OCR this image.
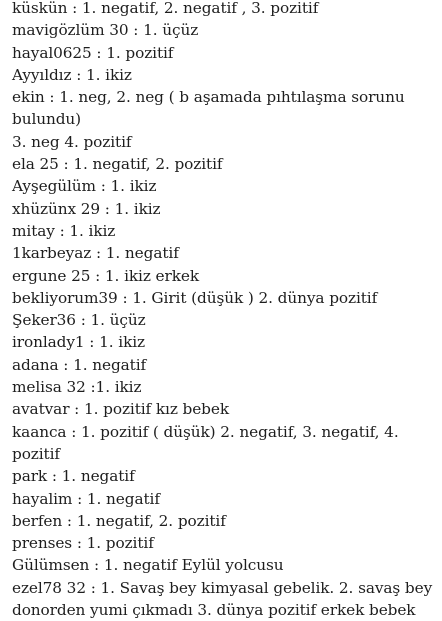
küskün : 1. negatif, 2. negatif , 3. pozitif
mavigözlüm 30 : 1. üçüz
hayal0625 : 1. pozitif
Ayyıldız : 1. ikiz
ekin : 1. neg, 2. neg ( b aşamada pıhtılaşma sorunu
bulundu)
3. neg 4. pozitif
ela 25 : 1. negatif, 2. pozitif
Ayşegülüm : 1. ikiz
xhüzünx 29 : 1. ikiz
mitay : 1. ikiz
1karbeyaz : 1. negatif
ergune 25 : 1. ikiz erkek
bekliyorum39 : 1. Girit (düşük ) 2. dünya pozitif
Şeker36 : 1. üçüz
ironlady1 : 1. ikiz
adana : 1. negatif
melisa 32 :1. ikiz
avatvar : 1. pozitif kız bebek
kaanca : 1. pozitif ( düşük) 2. negatif, 3. negatif, 4. pozitif
park : 1. negatif
hayalim : 1. negatif
berfen : 1. negatif, 2. pozitif
prenses : 1. pozitif
Gülümsen : 1. negatif Eylül yolcusu
ezel78 32 : 1. Savaş bey kimyasal gebelik. 2. savaş bey
donorden yumi çıkmadı 3. dünya pozitif erkek bebek
